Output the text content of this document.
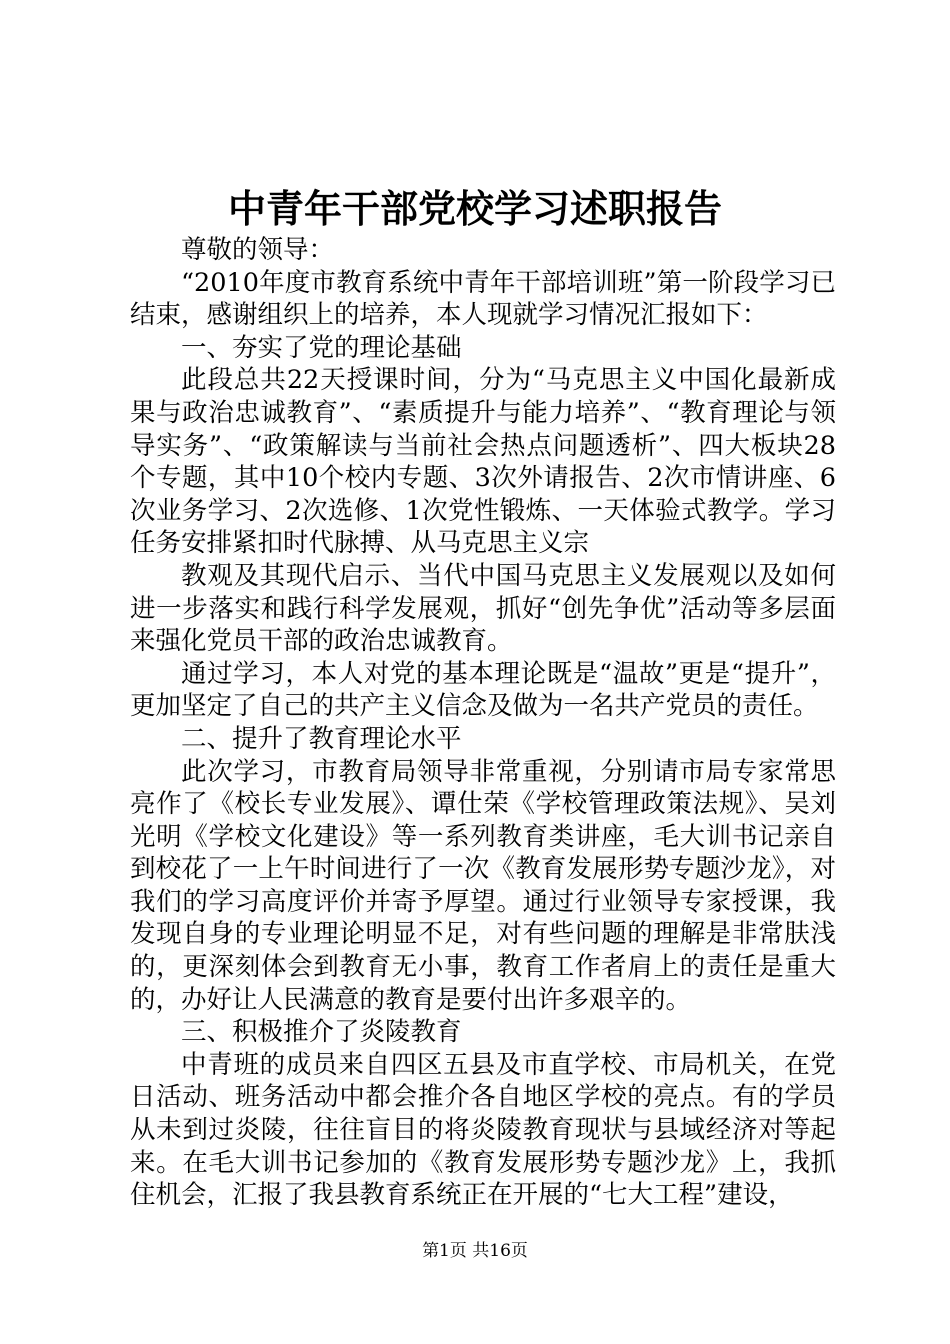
中青年干部党校学习述职报告

尊敬的领导：

“2010年度市教育系统中青年干部培训班”第一阶段学习已结束，感谢组织上的培养，本人现就学习情况汇报如下：

一、夯实了党的理论基础

此段总共22天授课时间，分为“马克思主义中国化最新成果与政治忠诚教育”、“素质提升与能力培养”、“教育理论与领导实务”、“政策解读与当前社会热点问题透析”、四大板块28个专题，其中10个校内专题、3次外请报告、2次市情讲座、6次业务学习、2次选修、1次党性锻炼、一天体验式教学。学习任务安排紧扣时代脉搏、从马克思主义宗

教观及其现代启示、当代中国马克思主义发展观以及如何进一步落实和践行科学发展观，抓好“创先争优”活动等多层面来强化党员干部的政治忠诚教育。

通过学习，本人对党的基本理论既是“温故”更是“提升”，更加坚定了自己的共产主义信念及做为一名共产党员的责任。

二、提升了教育理论水平

此次学习，市教育局领导非常重视，分别请市局专家常思亮作了《校长专业发展》、谭仕荣《学校管理政策法规》、吴刘光明《学校文化建设》等一系列教育类讲座，毛大训书记亲自到校花了一上午时间进行了一次《教育发展形势专题沙龙》，对我们的学习高度评价并寄予厚望。通过行业领导专家授课，我发现自身的专业理论明显不足，对有些问题的理解是非常肤浅的，更深刻体会到教育无小事，教育工作者肩上的责任是重大的，办好让人民满意的教育是要付出许多艰辛的。

三、积极推介了炎陵教育

中青班的成员来自四区五县及市直学校、市局机关，在党日活动、班务活动中都会推介各自地区学校的亮点。有的学员从未到过炎陵，往往盲目的将炎陵教育现状与县域经济对等起来。在毛大训书记参加的《教育发展形势专题沙龙》上，我抓住机会，汇报了我县教育系统正在开展的“七大工程”建设，

第1页 共16页
